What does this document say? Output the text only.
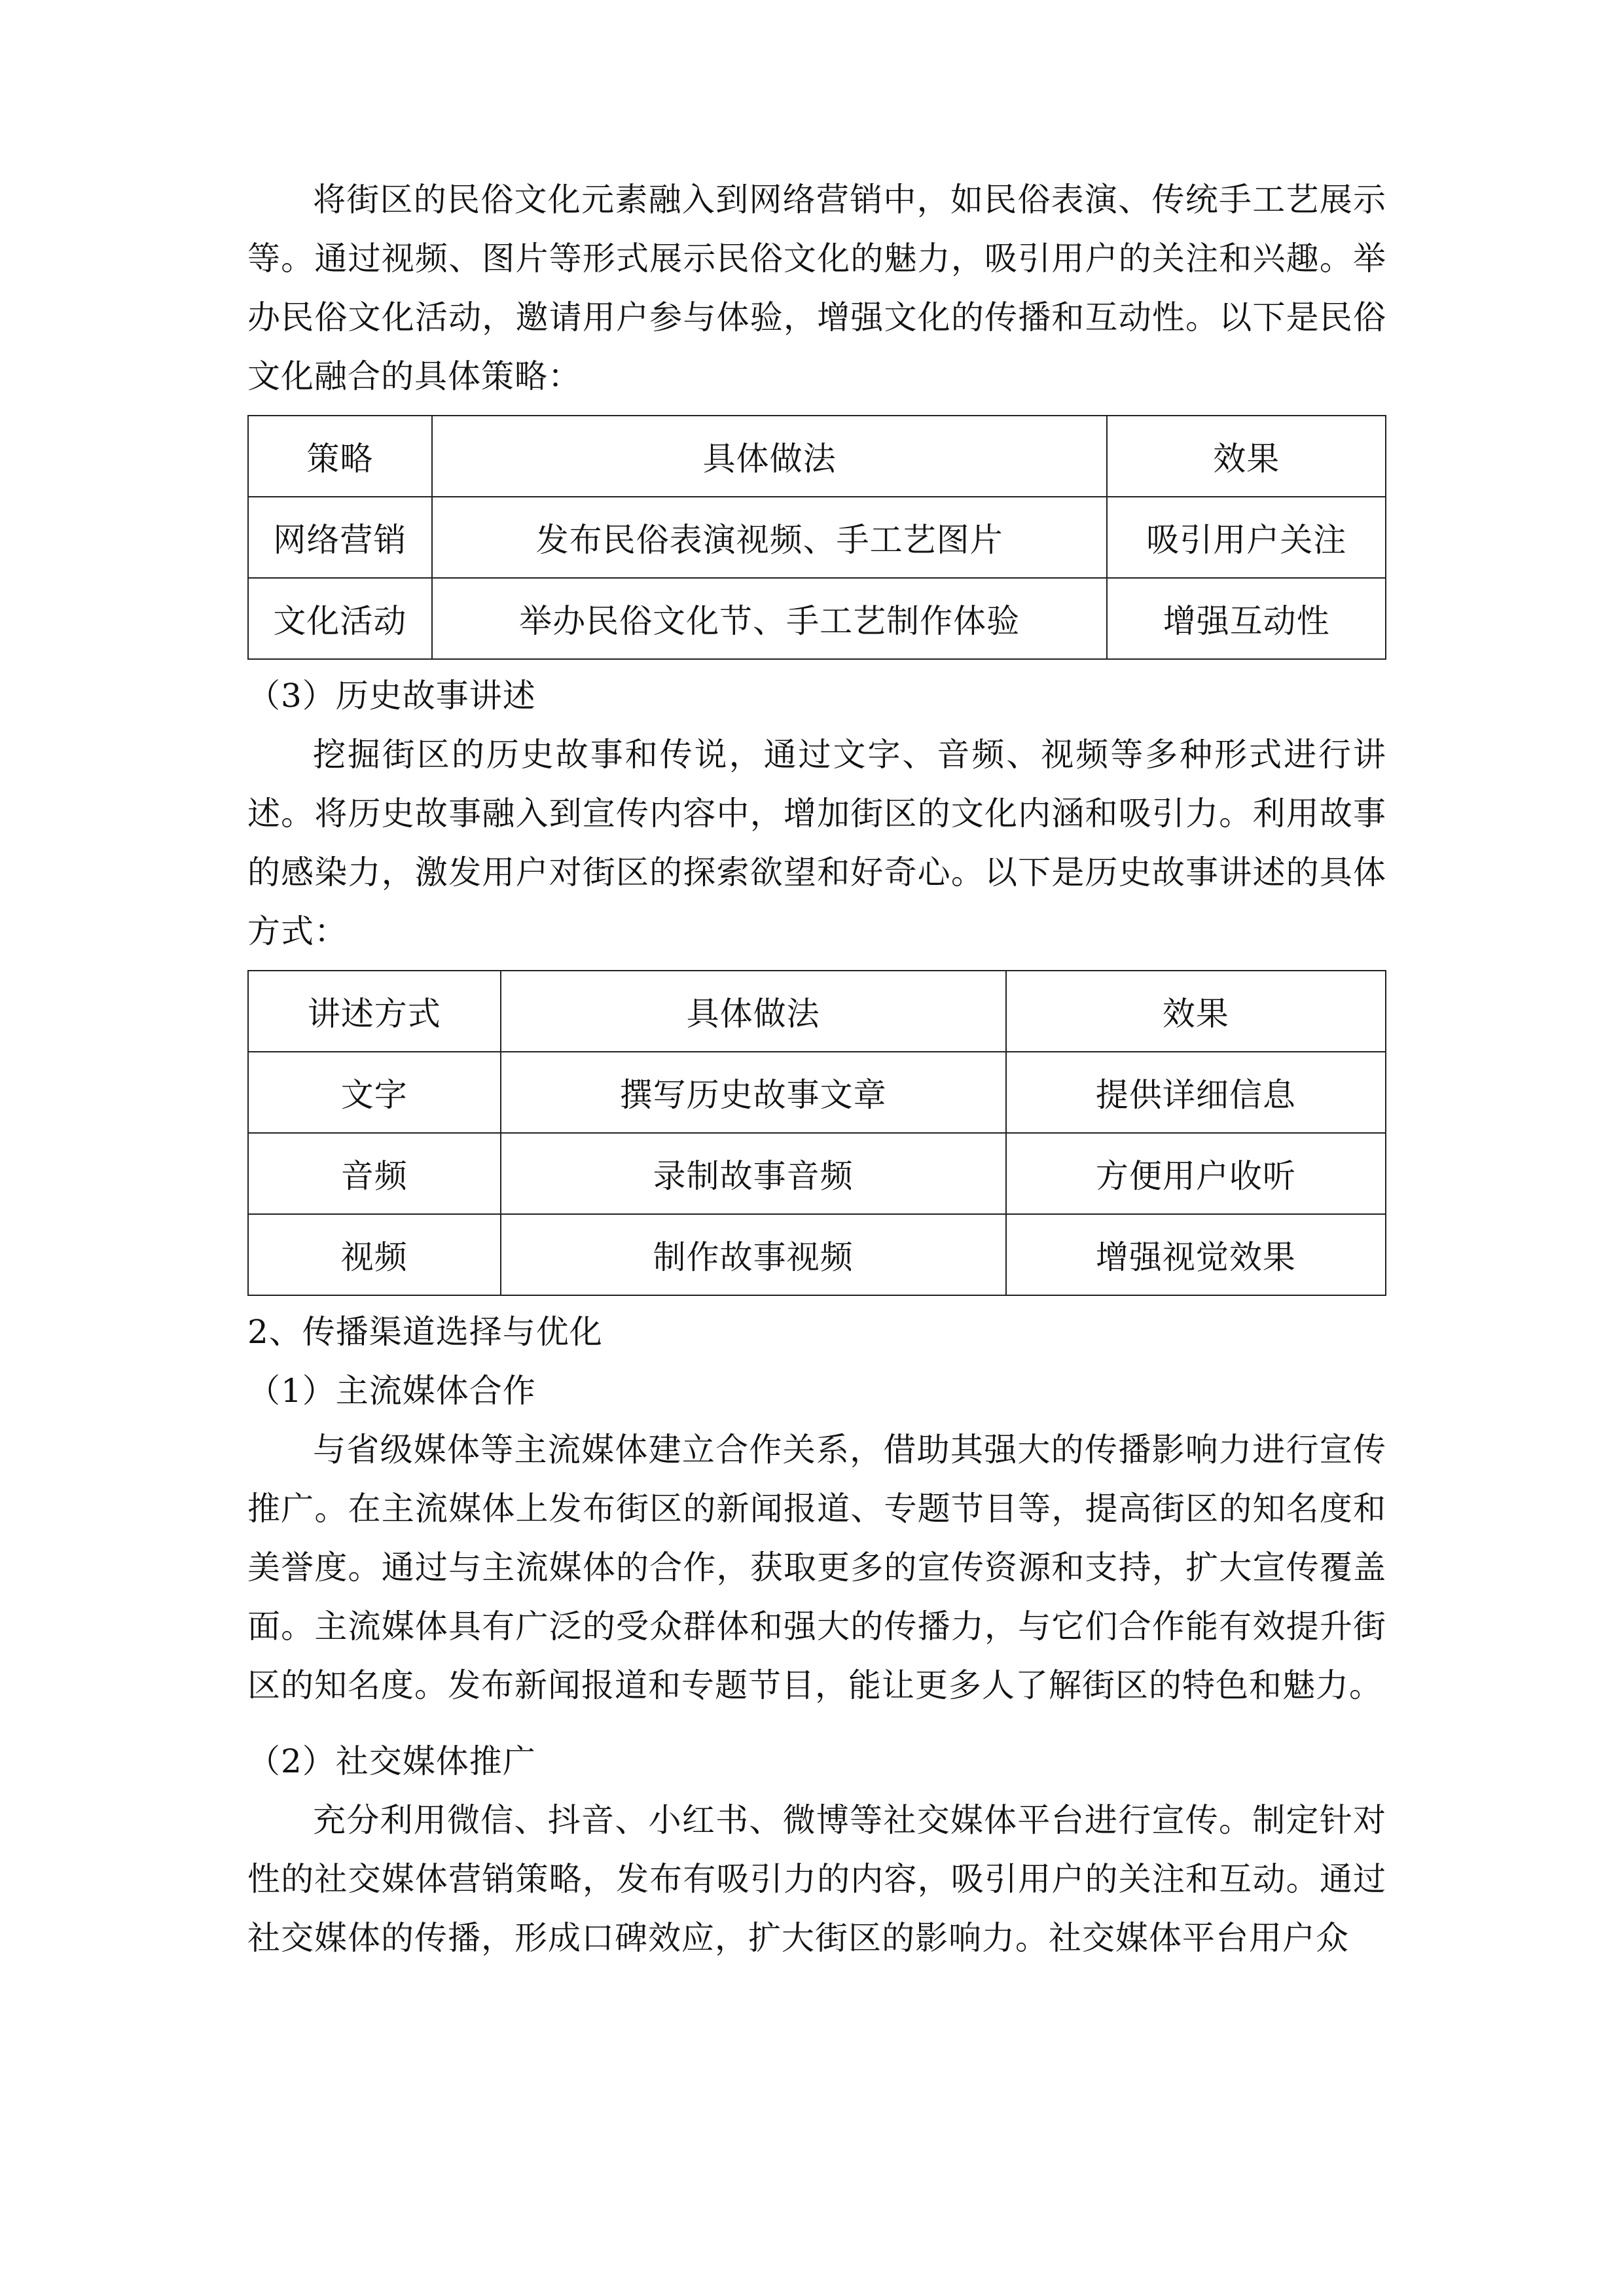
将街区的民俗文化元素融入到网络营销中，如民俗表演、传统手工艺展示等。通过视频、图片等形式展示民俗文化的魅力，吸引用户的关注和兴趣。举办民俗文化活动，邀请用户参与体验，增强文化的传播和互动性。以下是民俗文化融合的具体策略：

策略	具体做法	效果
网络营销	发布民俗表演视频、手工艺图片	吸引用户关注
文化活动	举办民俗文化节、手工艺制作体验	增强互动性

（3）历史故事讲述

挖掘街区的历史故事和传说，通过文字、音频、视频等多种形式进行讲述。将历史故事融入到宣传内容中，增加街区的文化内涵和吸引力。利用故事的感染力，激发用户对街区的探索欲望和好奇心。以下是历史故事讲述的具体方式：

讲述方式	具体做法	效果
文字	撰写历史故事文章	提供详细信息
音频	录制故事音频	方便用户收听
视频	制作故事视频	增强视觉效果

2、传播渠道选择与优化

（1）主流媒体合作

与省级媒体等主流媒体建立合作关系，借助其强大的传播影响力进行宣传推广。在主流媒体上发布街区的新闻报道、专题节目等，提高街区的知名度和美誉度。通过与主流媒体的合作，获取更多的宣传资源和支持，扩大宣传覆盖面。主流媒体具有广泛的受众群体和强大的传播力，与它们合作能有效提升街区的知名度。发布新闻报道和专题节目，能让更多人了解街区的特色和魅力。

（2）社交媒体推广

充分利用微信、抖音、小红书、微博等社交媒体平台进行宣传。制定针对性的社交媒体营销策略，发布有吸引力的内容，吸引用户的关注和互动。通过社交媒体的传播，形成口碑效应，扩大街区的影响力。社交媒体平台用户众
